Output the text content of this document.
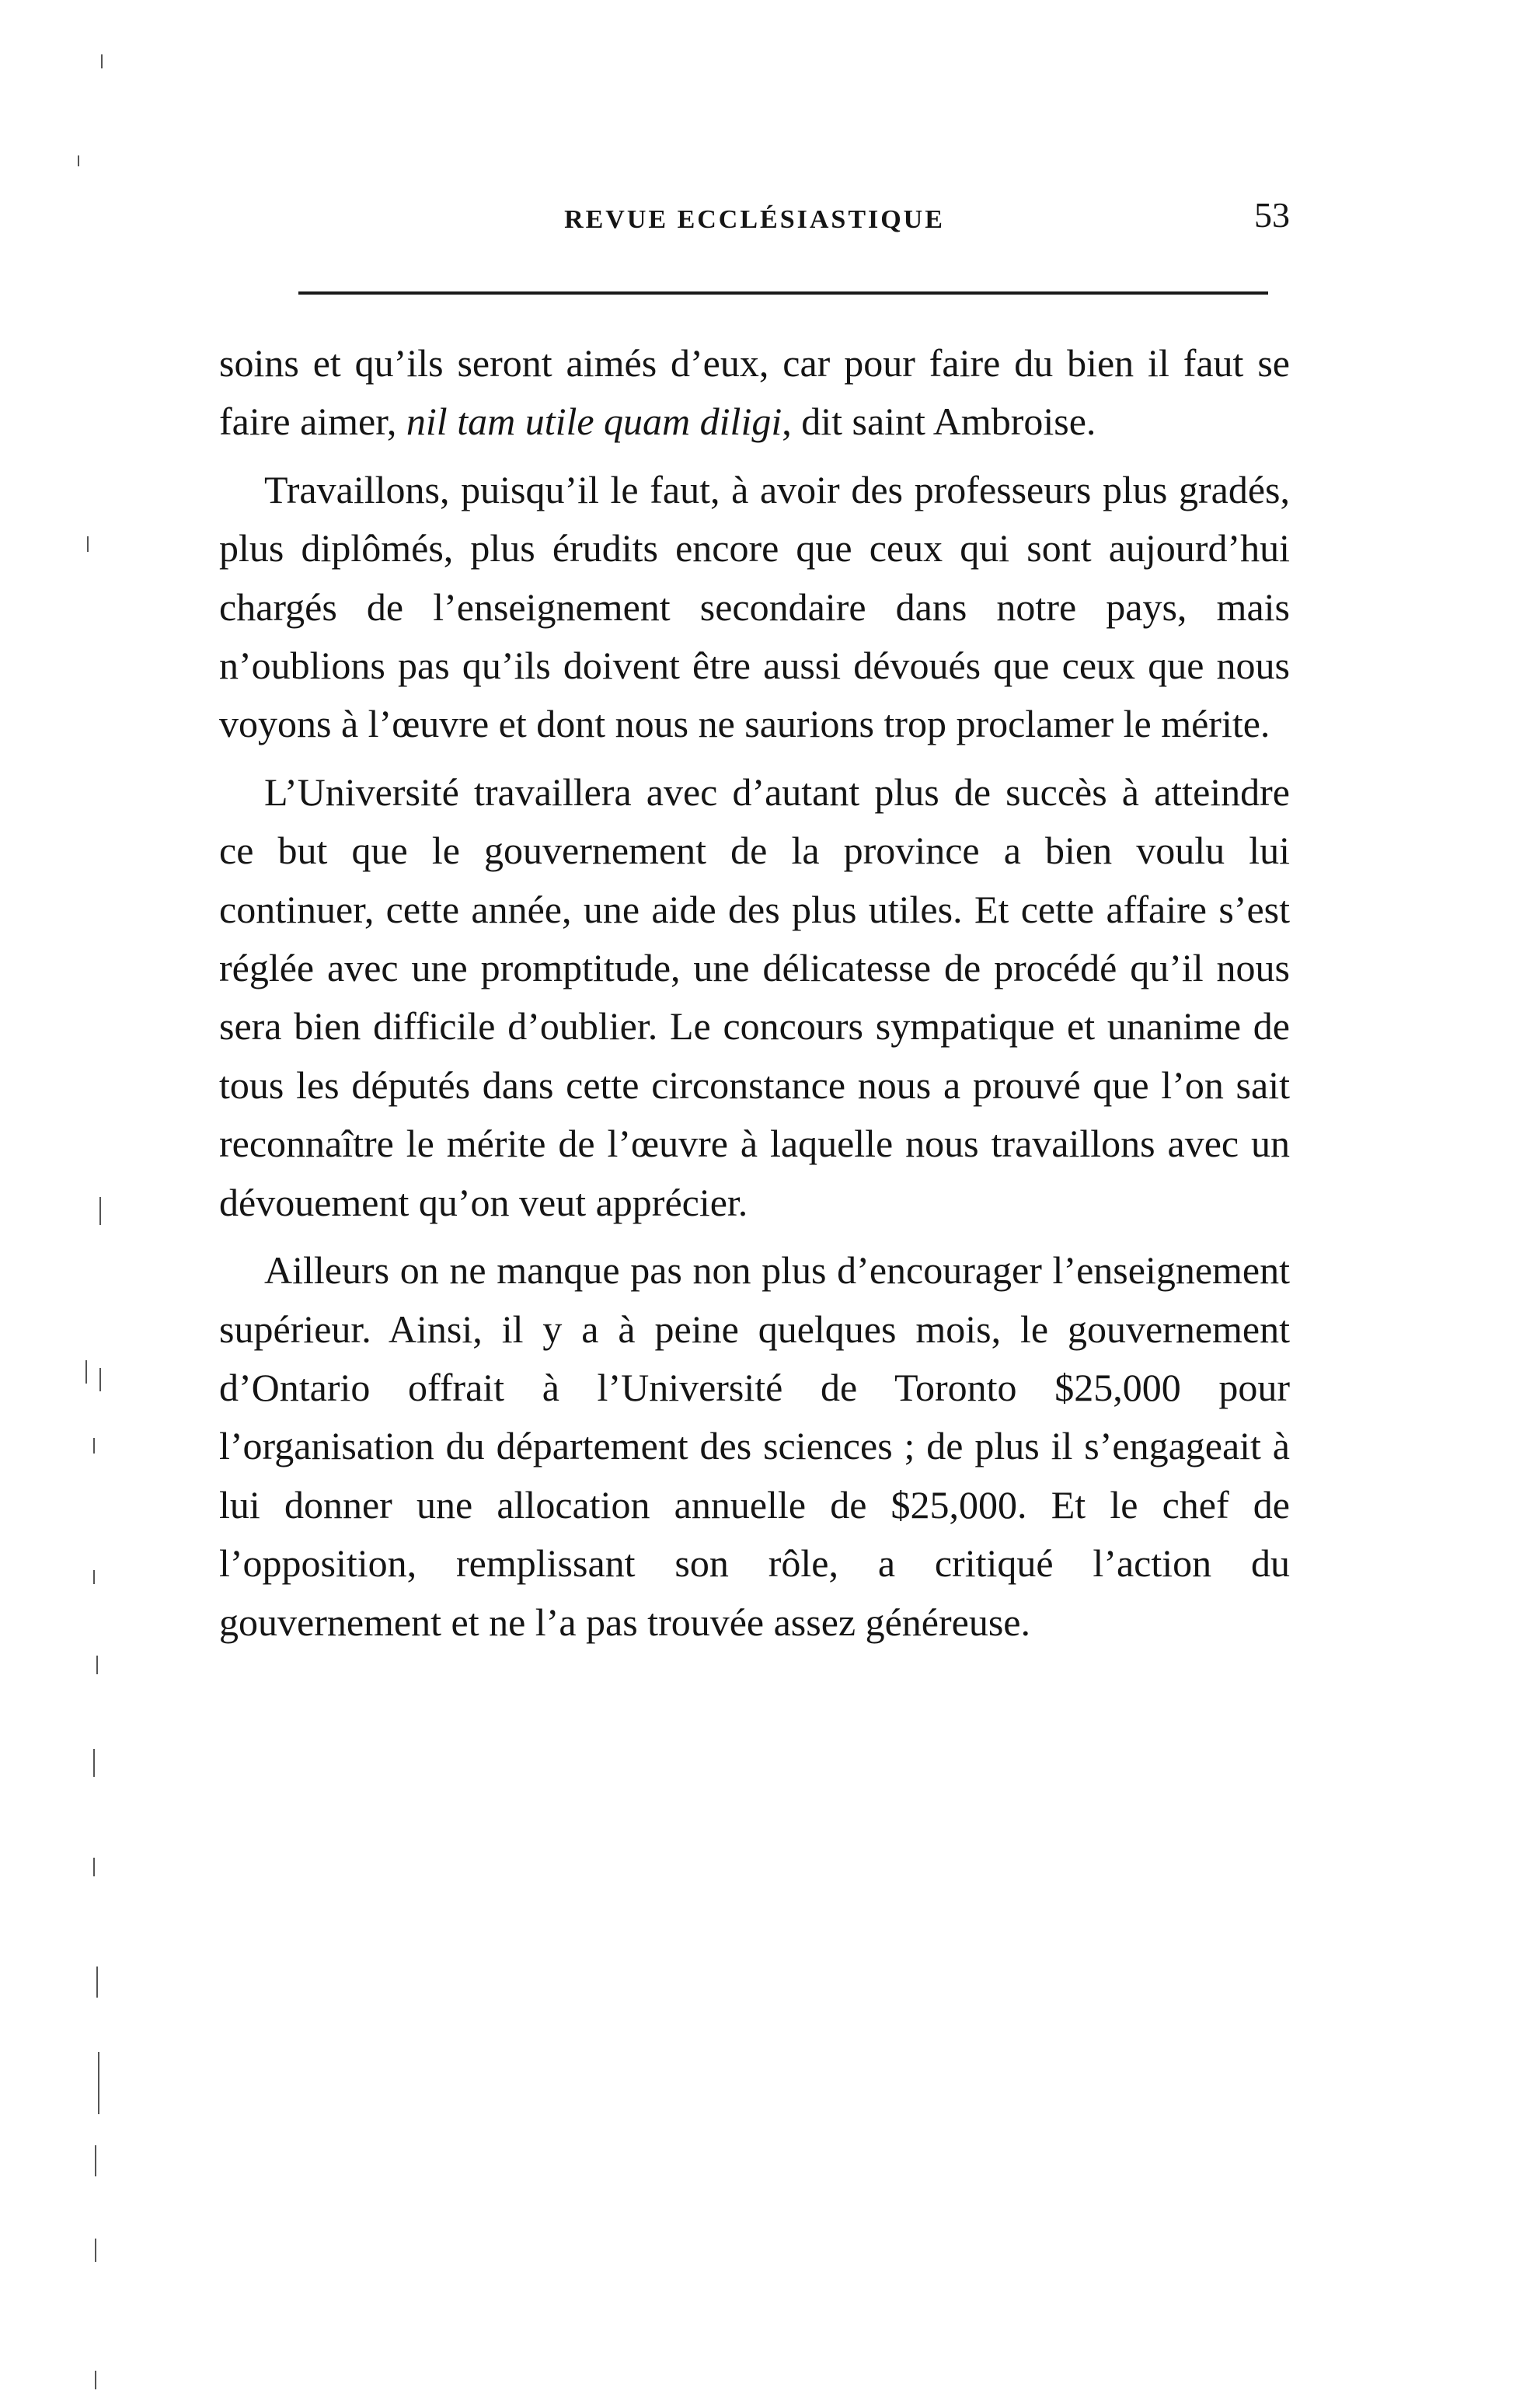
REVUE ECCLÉSIASTIQUE	53

soins et qu’ils seront aimés d’eux, car pour faire du bien il faut se faire aimer, nil tam utile quam diligi, dit saint Ambroise.

Travaillons, puisqu’il le faut, à avoir des professeurs plus gradés, plus diplômés, plus érudits encore que ceux qui sont aujourd’hui chargés de l’enseignement secondaire dans notre pays, mais n’oublions pas qu’ils doivent être aussi dévoués que ceux que nous voyons à l’œuvre et dont nous ne saurions trop proclamer le mérite.

L’Université travaillera avec d’autant plus de succès à atteindre ce but que le gouvernement de la province a bien voulu lui continuer, cette année, une aide des plus utiles. Et cette affaire s’est réglée avec une promptitude, une délicatesse de procédé qu’il nous sera bien difficile d’oublier. Le concours sympatique et unanime de tous les députés dans cette circonstance nous a prouvé que l’on sait reconnaître le mérite de l’œuvre à laquelle nous travaillons avec un dévouement qu’on veut apprécier.

Ailleurs on ne manque pas non plus d’encourager l’enseignement supérieur. Ainsi, il y a à peine quelques mois, le gouvernement d’Ontario offrait à l’Université de Toronto $25,000 pour l’organisation du département des sciences ; de plus il s’engageait à lui donner une allocation annuelle de $25,000. Et le chef de l’opposition, remplissant son rôle, a critiqué l’action du gouvernement et ne l’a pas trouvée assez généreuse.
